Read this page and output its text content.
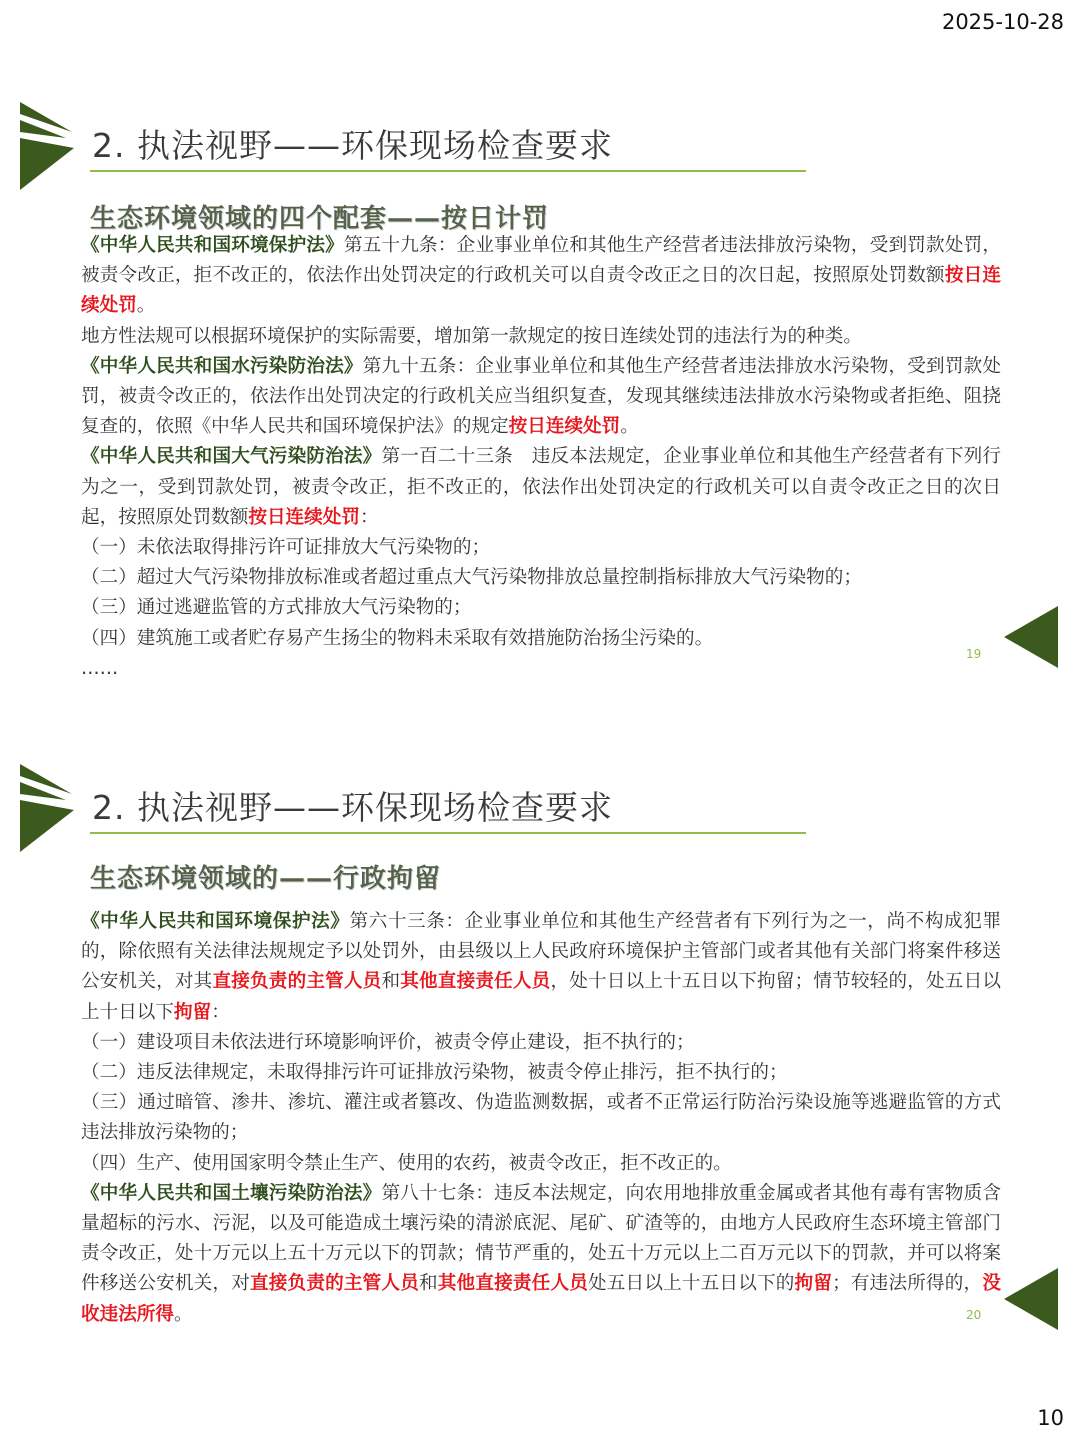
2025-10-28
2. 执法视野——环保现场检查要求
生态环境领域的四个配套——按日计罚

《中华人民共和国环境保护法》第五十九条：企业事业单位和其他生产经营者违法排放污染物，受到罚款处罚，被责令改正，拒不改正的，依法作出处罚决定的行政机关可以自责令改正之日的次日起，按照原处罚数额按日连续处罚。

地方性法规可以根据环境保护的实际需要，增加第一款规定的按日连续处罚的违法行为的种类。

《中华人民共和国水污染防治法》第九十五条：企业事业单位和其他生产经营者违法排放水污染物，受到罚款处罚，被责令改正的，依法作出处罚决定的行政机关应当组织复查，发现其继续违法排放水污染物或者拒绝、阻挠复查的，依照《中华人民共和国环境保护法》的规定按日连续处罚。

《中华人民共和国大气污染防治法》第一百二十三条　违反本法规定，企业事业单位和其他生产经营者有下列行为之一，受到罚款处罚，被责令改正，拒不改正的，依法作出处罚决定的行政机关可以自责令改正之日的次日起，按照原处罚数额按日连续处罚：

（一）未依法取得排污许可证排放大气污染物的；

（二）超过大气污染物排放标准或者超过重点大气污染物排放总量控制指标排放大气污染物的；

（三）通过逃避监管的方式排放大气污染物的；

（四）建筑施工或者贮存易产生扬尘的物料未采取有效措施防治扬尘污染的。

……

19
2. 执法视野——环保现场检查要求
生态环境领域的——行政拘留

《中华人民共和国环境保护法》第六十三条：企业事业单位和其他生产经营者有下列行为之一，尚不构成犯罪的，除依照有关法律法规规定予以处罚外，由县级以上人民政府环境保护主管部门或者其他有关部门将案件移送公安机关，对其直接负责的主管人员和其他直接责任人员，处十日以上十五日以下拘留；情节较轻的，处五日以上十日以下拘留：

（一）建设项目未依法进行环境影响评价，被责令停止建设，拒不执行的；

（二）违反法律规定，未取得排污许可证排放污染物，被责令停止排污，拒不执行的；

（三）通过暗管、渗井、渗坑、灌注或者篡改、伪造监测数据，或者不正常运行防治污染设施等逃避监管的方式违法排放污染物的；

（四）生产、使用国家明令禁止生产、使用的农药，被责令改正，拒不改正的。

《中华人民共和国土壤污染防治法》第八十七条：违反本法规定，向农用地排放重金属或者其他有毒有害物质含量超标的污水、污泥，以及可能造成土壤污染的清淤底泥、尾矿、矿渣等的，由地方人民政府生态环境主管部门责令改正，处十万元以上五十万元以下的罚款；情节严重的，处五十万元以上二百万元以下的罚款，并可以将案件移送公安机关，对直接负责的主管人员和其他直接责任人员处五日以上十五日以下的拘留；有违法所得的，没收违法所得。	20
10
